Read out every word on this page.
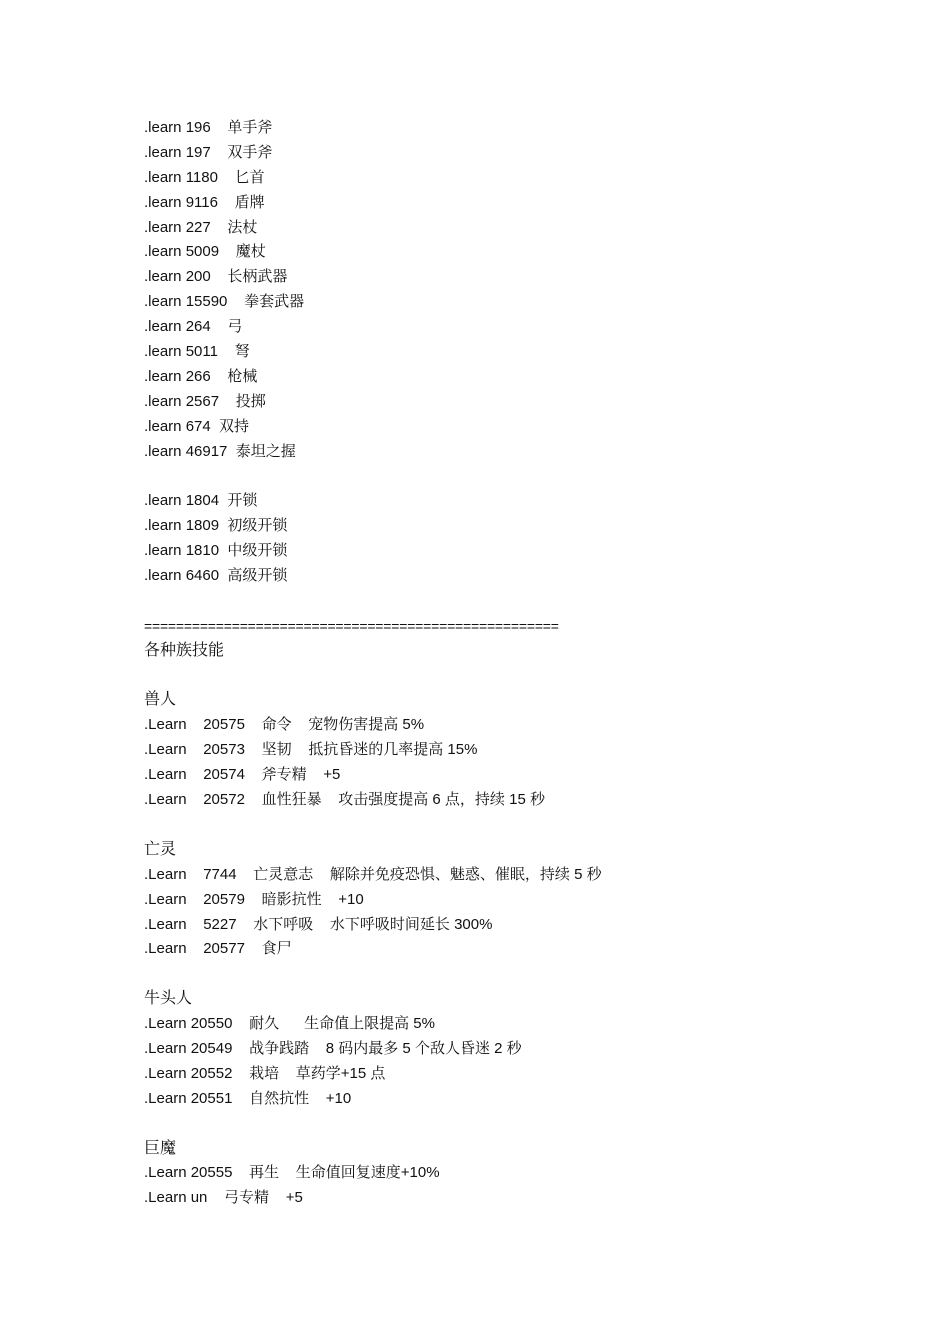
.learn 196    单手斧
.learn 197    双手斧
.learn 1180    匕首
.learn 9116    盾牌
.learn 227    法杖
.learn 5009    魔杖
.learn 200    长柄武器
.learn 15590    拳套武器
.learn 264    弓
.learn 5011    弩
.learn 266    枪械
.learn 2567    投掷
.learn 674  双持
.learn 46917  泰坦之握
.learn 1804  开锁
.learn 1809  初级开锁
.learn 1810  中级开锁
.learn 6460  高级开锁
====================================================
各种族技能
兽人
.Learn    20575    命令    宠物伤害提高 5%
.Learn    20573    坚韧    抵抗昏迷的几率提高 15%
.Learn    20574    斧专精    +5
.Learn    20572    血性狂暴    攻击强度提高 6 点，持续 15 秒
亡灵
.Learn    7744    亡灵意志    解除并免疫恐惧、魅惑、催眠，持续 5 秒
.Learn    20579    暗影抗性    +10
.Learn    5227    水下呼吸    水下呼吸时间延长 300%
.Learn    20577    食尸
牛头人
.Learn 20550    耐久      生命值上限提高 5%
.Learn 20549    战争践踏    8 码内最多 5 个敌人昏迷 2 秒
.Learn 20552    栽培    草药学+15 点
.Learn 20551    自然抗性    +10
巨魔
.Learn 20555    再生    生命值回复速度+10%
.Learn un    弓专精    +5
